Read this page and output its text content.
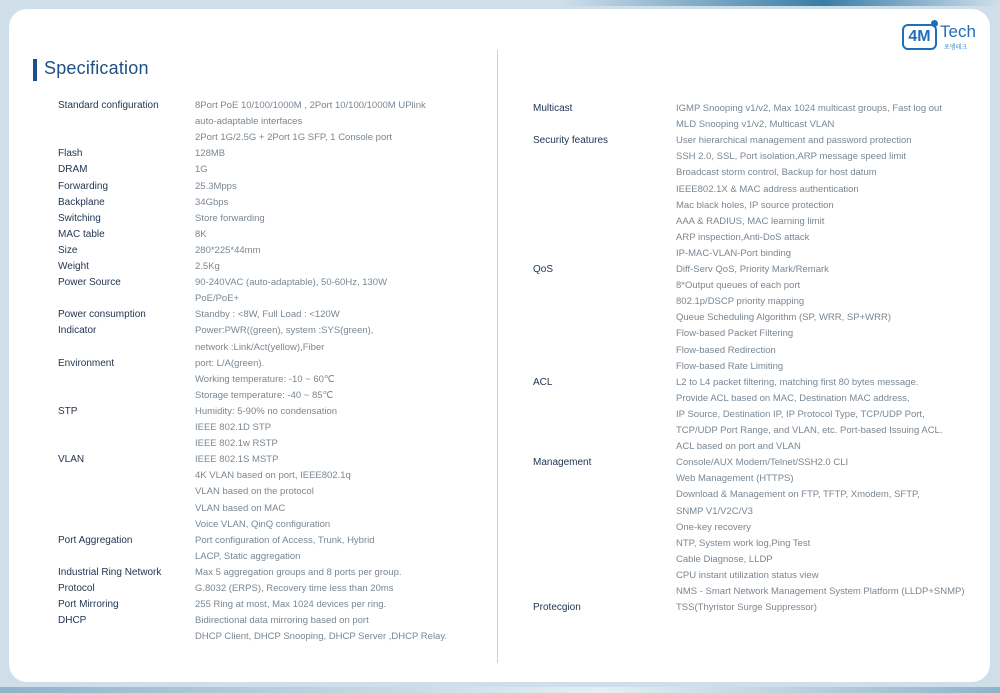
Specification
4M Tech
포엠테크
Standard configuration	8Port PoE 10/100/1000M , 2Port 10/100/1000M UPlink
auto-adaptable interfaces
2Port 1G/2.5G + 2Port 1G SFP, 1 Console port
Flash	128MB
DRAM	1G
Forwarding	25.3Mpps
Backplane	34Gbps
Switching	Store forwarding
MAC table	8K
Size	280*225*44mm
Weight	2.5Kg
Power Source	90-240VAC (auto-adaptable), 50-60Hz, 130W
PoE/PoE+
Power consumption	Standby : <8W, Full Load : <120W
Indicator	Power:PWR((green), system :SYS(green),
network :Link/Act(yellow),Fiber
Environment	port: L/A(green).
Working temperature: -10 ~ 60℃
Storage temperature: -40 ~ 85℃
STP	Humidity: 5-90% no condensation
IEEE 802.1D STP
IEEE 802.1w RSTP
VLAN	IEEE 802.1S MSTP
4K VLAN based on port, IEEE802.1q
VLAN based on the protocol
VLAN based on MAC
Voice VLAN, QinQ configuration
Port Aggregation	Port configuration of Access, Trunk, Hybrid
LACP, Static aggregation
Industrial Ring Network	Max 5 aggregation groups and 8 ports per group.
Protocol	G.8032 (ERPS), Recovery time less than 20ms
Port Mirroring	255 Ring at most, Max 1024 devices per ring.
DHCP	Bidirectional data mirroring based on port
DHCP Client, DHCP Snooping, DHCP Server ,DHCP Relay.
Multicast	IGMP Snooping v1/v2, Max 1024 multicast groups, Fast log out
MLD Snooping v1/v2, Multicast VLAN
Security features	User hierarchical management and password protection
SSH 2.0, SSL, Port isolation,ARP message speed limit
Broadcast storm control, Backup for host datum
IEEE802.1X & MAC address authentication
Mac black holes, IP source protection
AAA & RADIUS, MAC learning limit
ARP inspection,Anti-DoS attack
IP-MAC-VLAN-Port binding
QoS	Diff-Serv QoS, Priority Mark/Remark
8*Output queues of each port
802.1p/DSCP priority mapping
Queue Scheduling Algorithm (SP, WRR, SP+WRR)
Flow-based Packet Filtering
Flow-based Redirection
Flow-based Rate Limiting
ACL	L2 to L4 packet filtering, matching first 80 bytes message.
Provide ACL based on MAC, Destination MAC address,
IP Source, Destination IP, IP Protocol Type, TCP/UDP Port,
TCP/UDP Port Range, and VLAN, etc. Port-based Issuing ACL.
ACL based on port and VLAN
Management	Console/AUX Modem/Telnet/SSH2.0 CLI
Web Management (HTTPS)
Download & Management on FTP, TFTP, Xmodem, SFTP,
SNMP V1/V2C/V3
One-key recovery
NTP, System work log,Ping Test
Cable Diagnose, LLDP
CPU instant utilization status view
NMS - Smart Network Management System Platform (LLDP+SNMP)
Protecgion	TSS(Thyristor Surge Suppressor)
